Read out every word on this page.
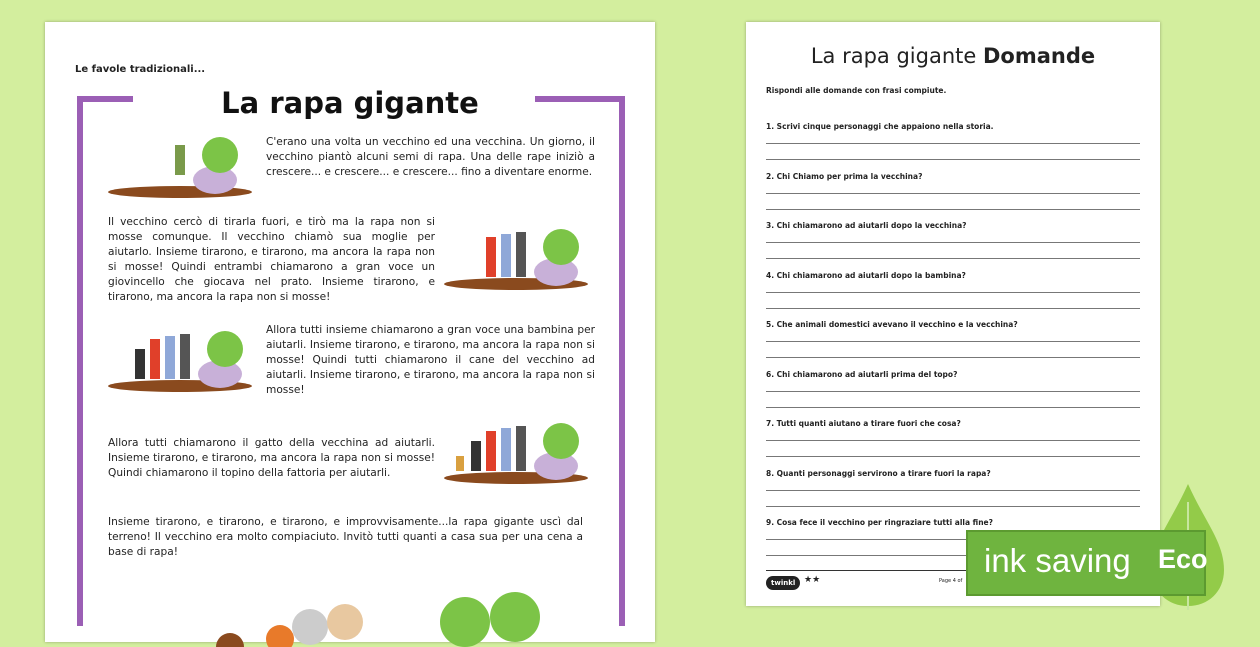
Le favole tradizionali...
La rapa gigante
C'erano una volta un vecchino ed una vecchina. Un giorno, il vecchino piantò alcuni semi di rapa. Una delle rape iniziò a crescere... e crescere... e crescere... fino a diventare enorme.
Il vecchino cercò di tirarla fuori, e tirò ma la rapa non si mosse comunque. Il vecchino chiamò sua moglie per aiutarlo. Insieme tirarono, e tirarono, ma ancora la rapa non si mosse! Quindi entrambi chiamarono a gran voce un giovincello che giocava nel prato. Insieme tirarono, e tirarono, ma ancora la rapa non si mosse!
Allora tutti insieme chiamarono a gran voce una bambina per aiutarli. Insieme tirarono, e tirarono, ma ancora la rapa non si mosse! Quindi tutti chiamarono il cane del vecchino ad aiutarli. Insieme tirarono, e tirarono, ma ancora la rapa non si mosse!
Allora tutti chiamarono il gatto della vecchina ad aiutarli. Insieme tirarono, e tirarono, ma ancora la rapa non si mosse! Quindi chiamarono il topino della fattoria per aiutarli.
Insieme tirarono, e tirarono, e tirarono, e improvvisamente...la rapa gigante uscì dal terreno! Il vecchino era molto compiaciuto. Invitò tutti quanti a casa sua per una cena a base di rapa!
La rapa gigante Domande
Rispondi alle domande con frasi compiute.
1. Scrivi cinque personaggi che appaiono nella storia.
2. Chi Chiamo per prima la vecchina?
3. Chi chiamarono ad aiutarli dopo la vecchina?
4. Chi chiamarono ad aiutarli dopo la bambina?
5. Che animali domestici avevano il vecchino e la vecchina?
6. Chi chiamarono ad aiutarli prima del topo?
7. Tutti quanti aiutano a tirare fuori che cosa?
8. Quanti personaggi servirono a tirare fuori la rapa?
9. Cosa fece il vecchino per ringraziare tutti alla fine?
twinkl ★★	Page 4 of
ink saving Eco
